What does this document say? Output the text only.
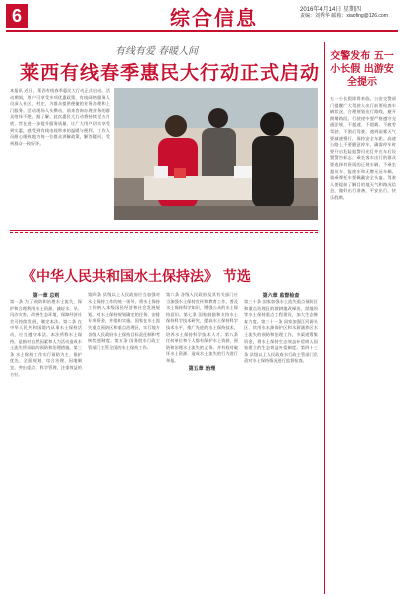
6	综合信息	2016年4月14日 星期四
责编：刘秀华 邮箱：xiaofing@126.com
有线有爱 春暖人间
莱西有线春季惠民大行动正式启动
本报讯 近日，莱西有线春季惠民大行动正式启动。活动期间，用户可享受多项优惠政策，有线网络服务人员深入社区、村庄，为群众提供便捷的业务办理和上门服务。活动现场人头攒动，前来咨询办理业务的群众络绎不绝。据了解，此次惠民大行动将持续至五月底，旨在进一步提升服务质量，让广大用户切实享受到实惠，感受到有线电视带来的温暖与便利。工作人员耐心细致地为每一位群众讲解政策，解答疑问，受到群众一致好评。
交警发布 五一小长假 出游安全提示
五一小长假即将来临，公安交警部门提醒广大驾驶人出行前要检查车辆状况，合理规划出行路线，避开拥堵路段。行驶途中要严格遵守交通法规，不超速、不超载、不疲劳驾驶、不酒后驾驶。遇到雨雾天气要减速慢行，保持安全车距。高速公路上不要随意停车，确需停车时要开启危险报警闪光灯并在车后设置警告标志。乘坐客车出行的群众要选择有资质的正规车辆，不乘坐超员车、报废车和无牌无证车辆。骑乘摩托车要佩戴安全头盔。驾驶人要提前了解目的地天气和路况信息，做好出行准备，平安出行，快乐假期。
《中华人民共和国水土保持法》 节选
第一章 总则
第一条 为了预防和治理水土流失，保护和合理利用水土资源，减轻水、旱、风沙灾害，改善生态环境，保障经济社会可持续发展，制定本法。第二条 在中华人民共和国境内从事水土保持活动，应当遵守本法。本法所称水土保持，是指对自然因素和人为活动造成水土流失所采取的预防和治理措施。第三条 水土保持工作实行预防为主、保护优先、全面规划、综合治理、因地制宜、突出重点、科学管理、注重效益的方针。
第四条 县级以上人民政府应当加强对水土保持工作的统一领导，将水土保持工作纳入本级国民经济和社会发展规划，对水土保持规划确定的任务，安排专项资金，并组织实施。国家在水土流失重点预防区和重点治理区，实行地方各级人民政府水土保持目标责任制和考核奖惩制度。第五条 国务院水行政主管部门主管全国的水土保持工作。
第六条 各级人民政府及其有关部门应当加强水土保持宣传和教育工作，普及水土保持科学知识，增强公众的水土保持意识。第七条 国家鼓励和支持水土保持科学技术研究，提高水土保持科学技术水平，推广先进的水土保持技术，培养水土保持科学技术人才。第八条 任何单位和个人都有保护水土资源、预防和治理水土流失的义务，并有权对破坏水土资源、造成水土流失的行为进行举报。
第五章 治理
第六章 监督检查
第三十条 国家加强水土流失重点预防区和重点治理区的坡耕地改梯田、淤地坝等水土保持重点工程建设，加大生态修复力度。第三十一条 国家加强江河源头区、饮用水水源保护区和水源涵养区水土流失的预防和治理工作，多渠道筹集资金，将水土保持生态效益补偿纳入国家建立的生态效益补偿制度。第四十三条 县级以上人民政府水行政主管部门负责对水土保持情况进行监督检查。
